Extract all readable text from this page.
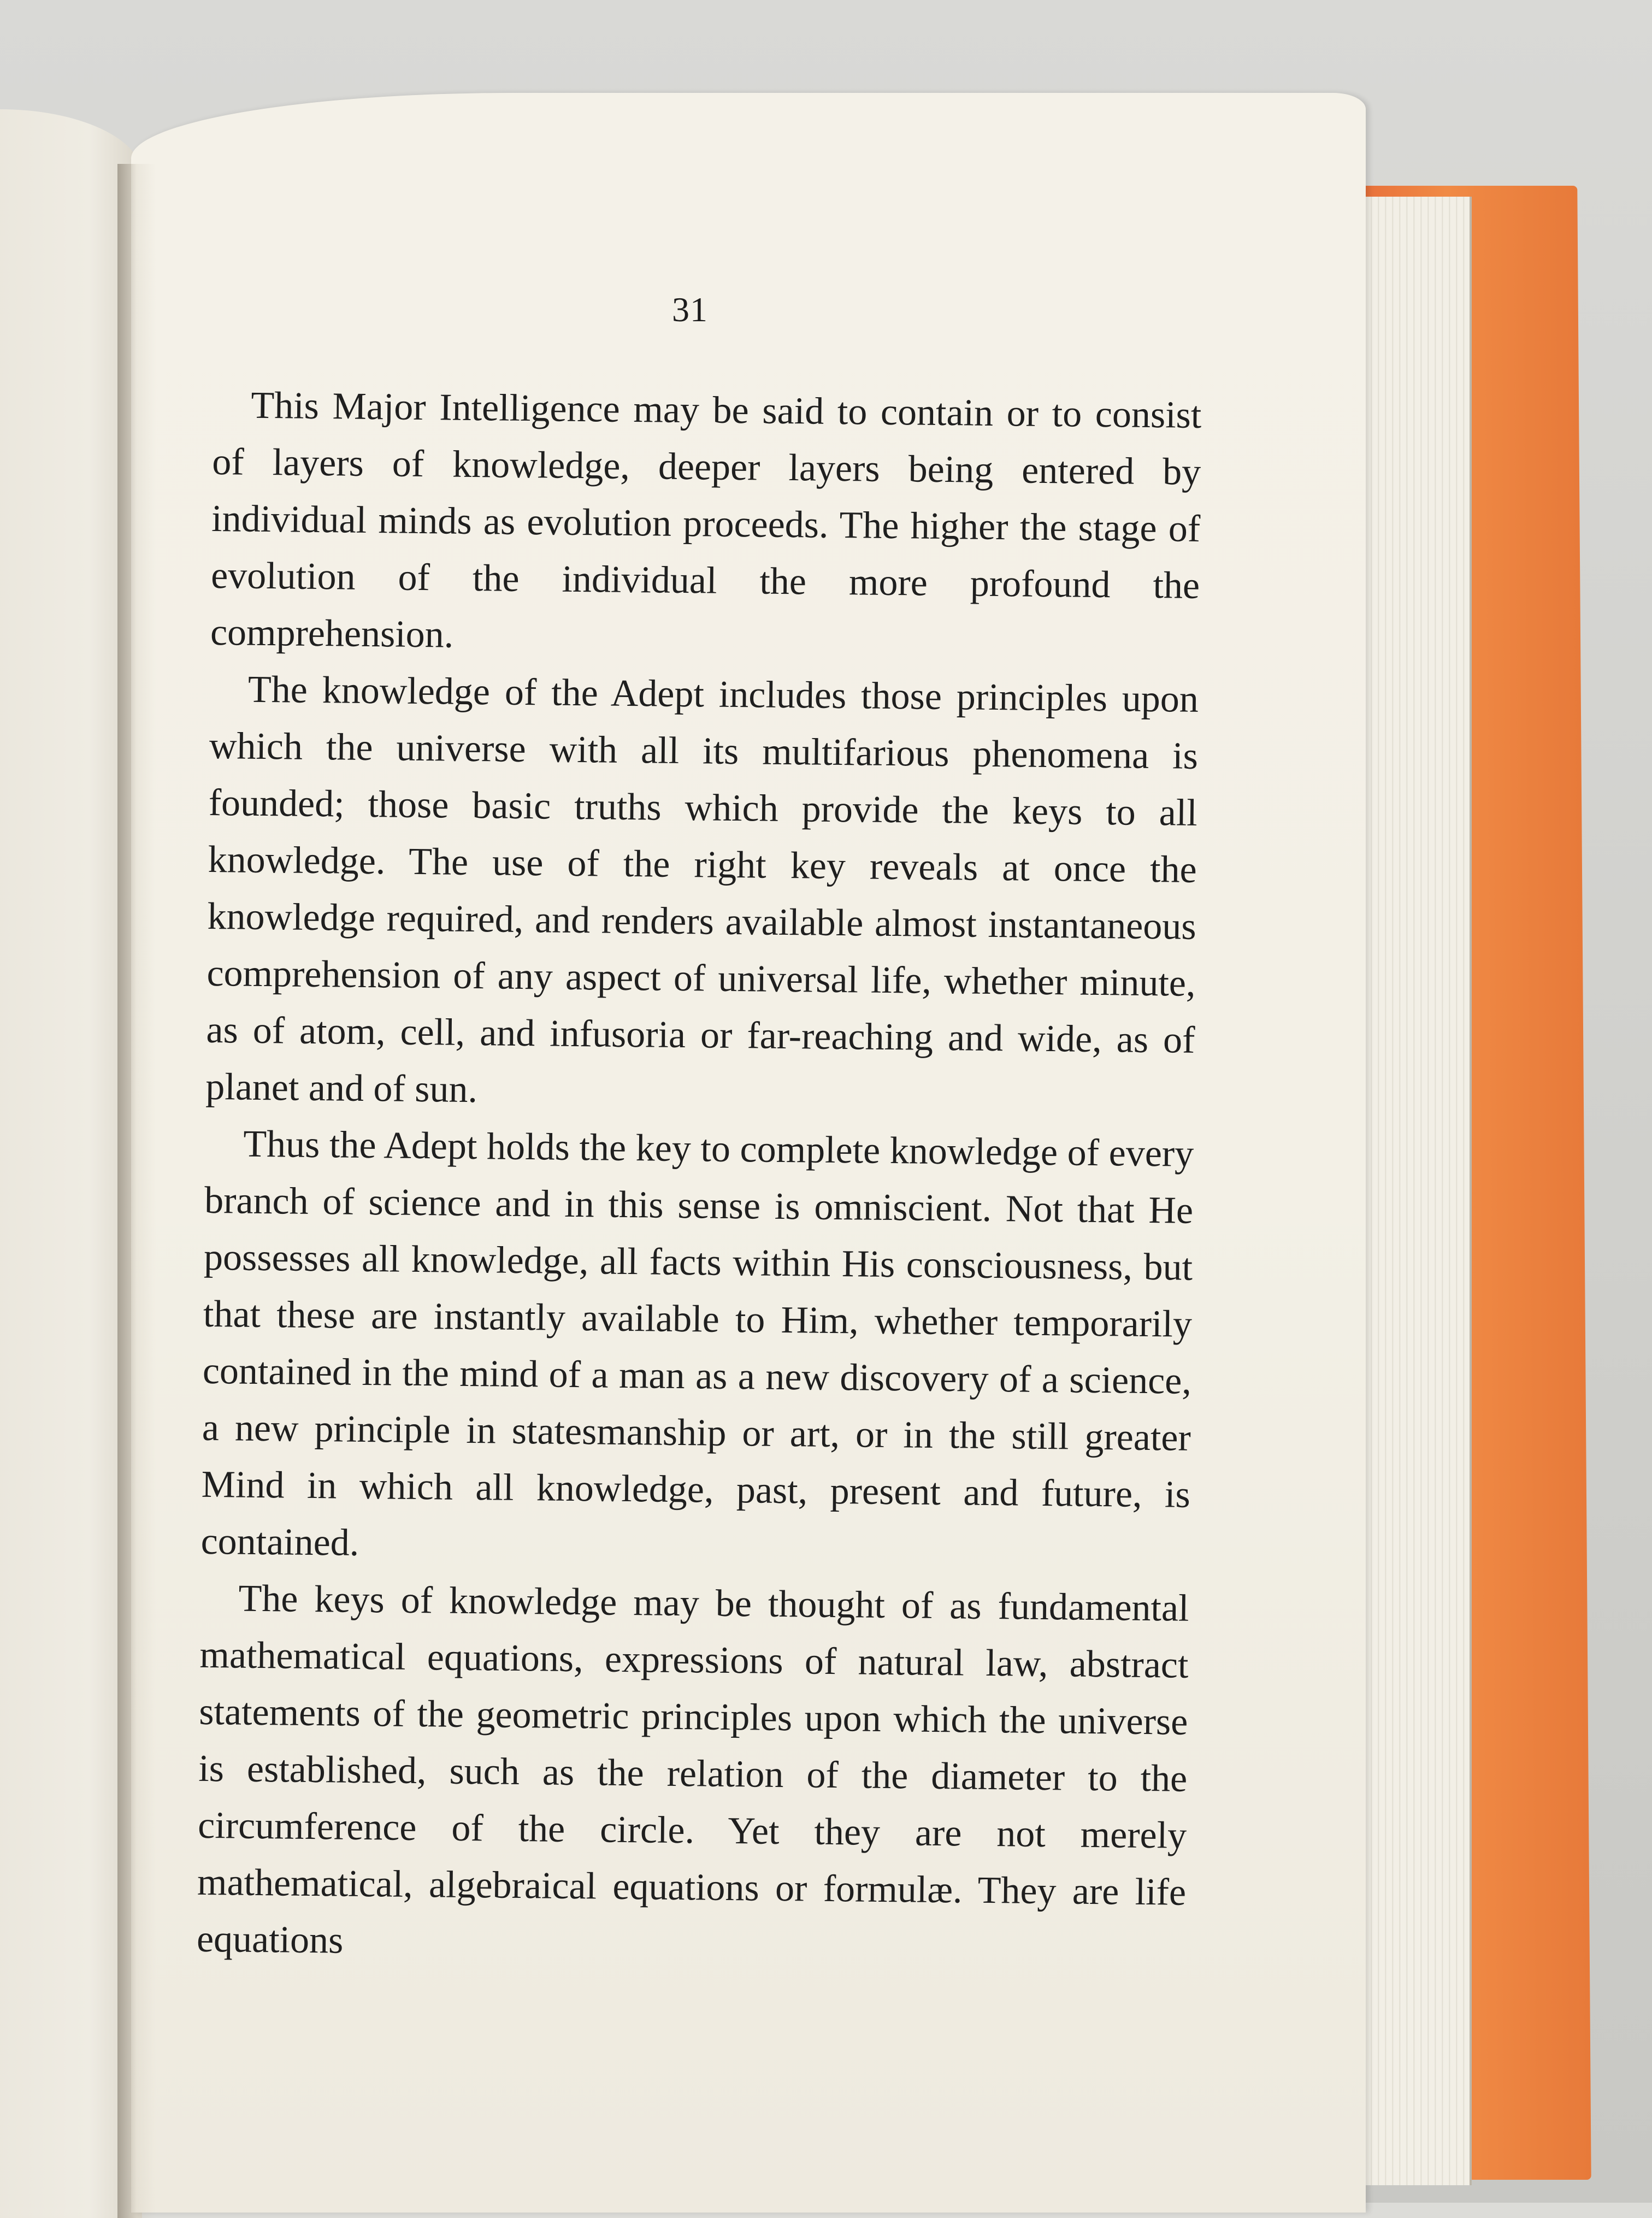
31

This Major Intelligence may be said to contain or to consist of layers of knowledge, deeper layers being entered by individual minds as evolution proceeds. The higher the stage of evolution of the individual the more profound the comprehension.

The knowledge of the Adept includes those principles upon which the universe with all its multifarious phenomena is founded; those basic truths which provide the keys to all knowledge. The use of the right key reveals at once the knowledge required, and renders available almost instantaneous comprehension of any aspect of universal life, whether minute, as of atom, cell, and infusoria or far-reaching and wide, as of planet and of sun.

Thus the Adept holds the key to complete knowledge of every branch of science and in this sense is omniscient. Not that He possesses all knowledge, all facts within His consciousness, but that these are instantly available to Him, whether temporarily contained in the mind of a man as a new discovery of a science, a new principle in statesmanship or art, or in the still greater Mind in which all knowledge, past, present and future, is contained.

The keys of knowledge may be thought of as fundamental mathematical equations, expressions of natural law, abstract statements of the geometric principles upon which the universe is established, such as the relation of the diameter to the circumference of the circle. Yet they are not merely mathematical, algebraical equations or formulæ. They are life equations
